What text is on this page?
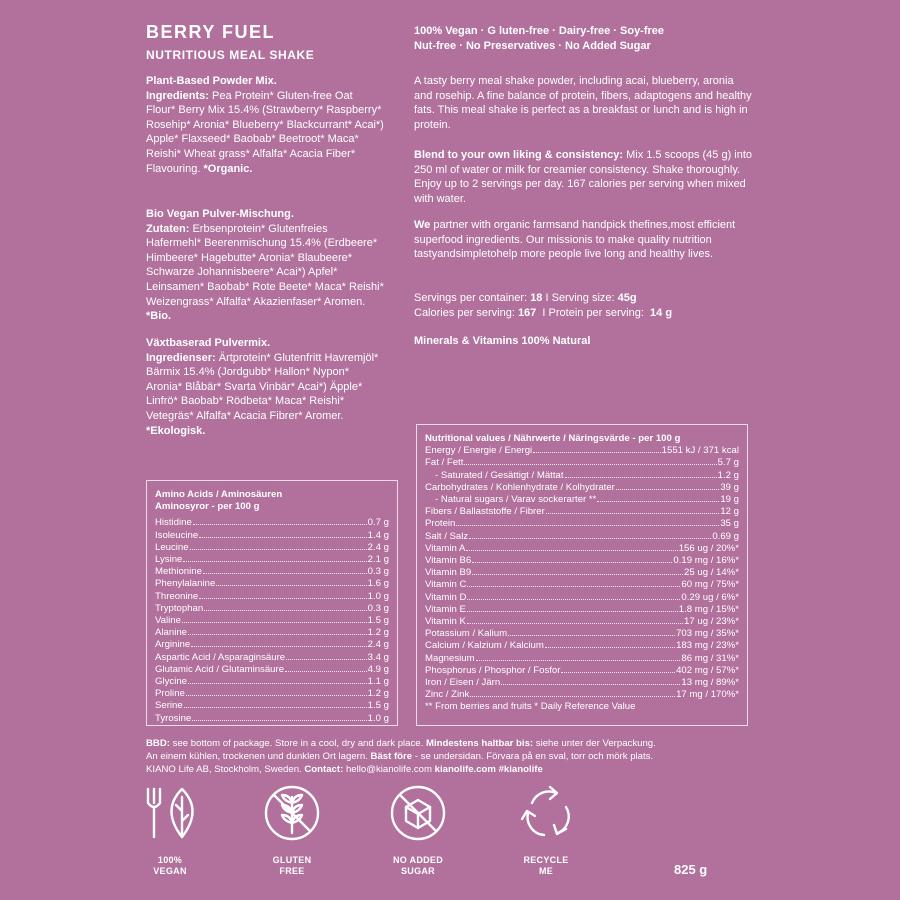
BERRY FUEL
NUTRITIOUS MEAL SHAKE
Plant-Based Powder Mix.
Ingredients: Pea Protein* Gluten-free Oat Flour* Berry Mix 15.4% (Strawberry* Raspberry* Rosehip* Aronia* Blueberry* Blackcurrant* Acai*) Apple* Flaxseed* Baobab* Beetroot* Maca* Reishi* Wheat grass* Alfalfa* Acacia Fiber* Flavouring. *Organic.
Bio Vegan Pulver-Mischung.
Zutaten: Erbsenprotein* Glutenfreies Hafermehl* Beerenmischung 15.4% (Erdbeere* Himbeere* Hagebutte* Aronia* Blaubeere* Schwarze Johannisbeere* Acai*) Apfel* Leinsamen* Baobab* Rote Beete* Maca* Reishi* Weizengrass* Alfalfa* Akazienfaser* Aromen. *Bio.
Växtbaserad Pulvermix.
Ingredienser: Ärtprotein* Glutenfritt Havremjöl* Bärmix 15.4% (Jordgubb* Hallon* Nypon* Aronia* Blåbär* Svarta Vinbär* Acai*) Äpple* Linfrö* Baobab* Rödbeta* Maca* Reishi* Vetegräs* Alfalfa* Acacia Fibrer* Aromer. *Ekologisk.
100% Vegan · G luten-free · Dairy-free · Soy-free
Nut-free · No Preservatives · No Added Sugar
A tasty berry meal shake powder, including acai, blueberry, aronia and rosehip. A fine balance of protein, fibers, adaptogens and healthy fats. This meal shake is perfect as a breakfast or lunch and is high in protein.
Blend to your own liking & consistency: Mix 1.5 scoops (45 g) into 250 ml of water or milk for creamier consistency. Shake thoroughly. Enjoy up to 2 servings per day. 167 calories per serving when mixed with water.
We partner with organic farmsand handpick thefines,most efficient superfood ingredients. Our missionis to make quality nutrition tastyandsimpletohelp more people live long and healthy lives.
Servings per container: 18 I Serving size: 45g
Calories per serving: 167 I Protein per serving: 14 g
Minerals & Vitamins 100% Natural
Amino Acids / Aminosäuren
Aminosyror - per 100 g
Histidine	0.7 g
Isoleucine	1.4 g
Leucine	2.4 g
Lysine	2.1 g
Methionine	0.3 g
Phenylalanine	1.6 g
Threonine	1.0 g
Tryptophan	0.3 g
Valine	1.5 g
Alanine	1.2 g
Arginine	2.4 g
Aspartic Acid / Asparaginsäure	3.4 g
Glutamic Acid / Glutaminsäure	4.9 g
Glycine	1.1 g
Proline	1.2 g
Serine	1.5 g
Tyrosine	1.0 g
Nutritional values / Nährwerte / Näringsvärde - per 100 g
Energy / Energie / Energi	1551 kJ / 371 kcal
Fat / Fett	5.7 g
- Saturated / Gesättigt / Mättat	1.2 g
Carbohydrates / Kohlenhydrate / Kolhydrater	39 g
- Natural sugars / Varav sockerarter **	19 g
Fibers / Ballaststoffe / Fibrer	12 g
Protein	35 g
Salt / Salz	0.69 g
Vitamin A	156 ug / 20%*
Vitamin B6	0.19 mg / 16%*
Vitamin B9	25 ug / 14%*
Vitamin C	60 mg / 75%*
Vitamin D	0.29 ug / 6%*
Vitamin E	1.8 mg / 15%*
Vitamin K	17 ug / 23%*
Potassium / Kalium	703 mg / 35%*
Calcium / Kalzium / Kalcium	183 mg / 23%*
Magnesium	86 mg / 31%*
Phosphorus / Phosphor / Fosfor	402 mg / 57%*
Iron / Eisen / Järn	13 mg / 89%*
Zinc / Zink	17 mg / 170%*
** From berries and fruits * Daily Reference Value
BBD: see bottom of package. Store in a cool, dry and dark place. Mindestens haltbar bis: siehe unter der Verpackung.
An einem kühlen, trockenen und dunklen Ort lagern. Bäst före - se undersidan. Förvara på en sval, torr och mörk plats.
KIANO Life AB, Stockholm, Sweden. Contact: hello@kianolife.com kianolife.com #kianolife
100%
VEGAN
GLUTEN
FREE
NO ADDED
SUGAR
RECYCLE
ME	825 g
